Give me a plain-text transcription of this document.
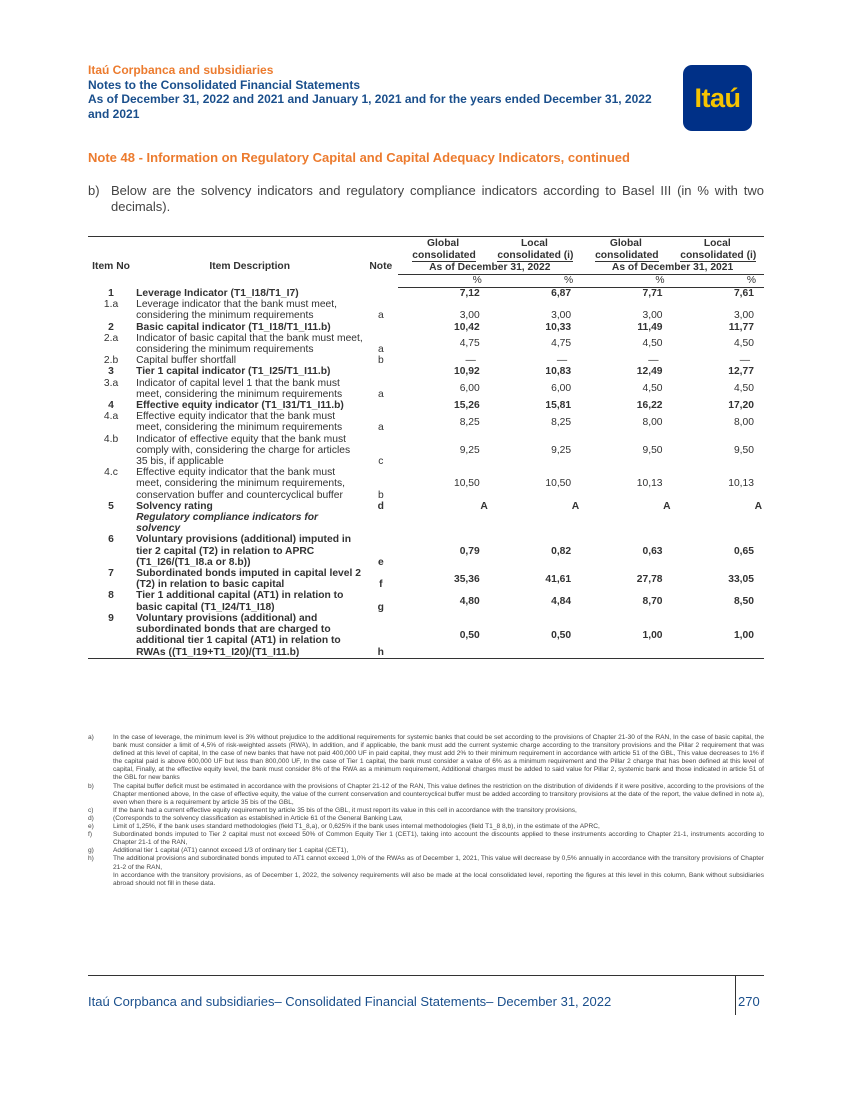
Itaú Corpbanca and subsidiaries
Notes to the Consolidated Financial Statements
As of December 31, 2022 and 2021 and January 1, 2021 and for the years ended December 31, 2022
and 2021
Itaú
Note 48 - Information on Regulatory Capital and Capital Adequacy Indicators, continued
b) Below are the solvency indicators and regulatory compliance indicators according to Basel III (in % with two decimals).
Item No	Item Description	Note	Global	Local	Global	Local
			consolidated	consolidated (i)	consolidated	consolidated (i)
			As of December 31, 2022		As of December 31, 2021	
			%	%	%	%
1	Leverage Indicator (T1_I18/T1_I7)		7,12	6,87	7,71	7,61
1.a	Leverage indicator that the bank must meet, considering the minimum requirements	a	3,00	3,00	3,00	3,00
2	Basic capital indicator (T1_I18/T1_I11.b)		10,42	10,33	11,49	11,77
2.a	Indicator of basic capital that the bank must meet, considering the minimum requirements	a	4,75	4,75	4,50	4,50
2.b	Capital buffer shortfall	b	—	—	—	—
3	Tier 1 capital indicator (T1_I25/T1_I11.b)		10,92	10,83	12,49	12,77
3.a	Indicator of capital level 1 that the bank must meet, considering the minimum requirements	a	6,00	6,00	4,50	4,50
4	Effective equity indicator (T1_I31/T1_I11.b)		15,26	15,81	16,22	17,20
4.a	Effective equity indicator that the bank must meet, considering the minimum requirements	a	8,25	8,25	8,00	8,00
4.b	Indicator of effective equity that the bank must comply with, considering the charge for articles 35 bis, if applicable	c	9,25	9,25	9,50	9,50
4.c	Effective equity indicator that the bank must meet, considering the minimum requirements, conservation buffer and countercyclical buffer	b	10,50	10,50	10,13	10,13
5	Solvency rating	d	A	A	A	A
	Regulatory compliance indicators for solvency					
6	Voluntary provisions (additional) imputed in tier 2 capital (T2) in relation to APRC (T1_I26/(T1_I8.a or 8.b))	e	0,79	0,82	0,63	0,65
7	Subordinated bonds imputed in capital level 2 (T2) in relation to basic capital	f	35,36	41,61	27,78	33,05
8	Tier 1 additional capital (AT1) in relation to basic capital (T1_I24/T1_I18)	g	4,80	4,84	8,70	8,50
9	Voluntary provisions (additional) and subordinated bonds that are charged to additional tier 1 capital (AT1) in relation to RWAs ((T1_I19+T1_I20)/(T1_I11.b)	h	0,50	0,50	1,00	1,00
a)	In the case of leverage, the minimum level is 3% without prejudice to the additional requirements for systemic banks that could be set according to the provisions of Chapter 21-30 of the RAN, In the case of basic capital, the bank must consider a limit of 4,5% of risk-weighted assets (RWA), In addition, and if applicable, the bank must add the current systemic charge according to the transitory provisions and the Pillar 2 requirement that was defined at this level of capital, In the case of new banks that have not paid 400,000 UF in paid capital, they must add 2% to their minimum requirement in accordance with article 51 of the GBL, This value decreases to 1% if the capital paid is above 600,000 UF but less than 800,000 UF, In the case of Tier 1 capital, the bank must consider a value of 6% as a minimum requirement and the Pillar 2 charge that has been defined at this level of capital, Finally, at the effective equity level, the bank must consider 8% of the RWA as a minimum requirement, Additional charges must be added to said value for Pillar 2, systemic bank and those indicated in article 51 of the GBL for new banks
b)	The capital buffer deficit must be estimated in accordance with the provisions of Chapter 21-12 of the RAN, This value defines the restriction on the distribution of dividends if it were positive, according to the provisions of the Chapter mentioned above, In the case of effective equity, the value of the current conservation and countercyclical buffer must be added according to transitory provisions at the date of the report, the value defined in note a), even when there is a requirement by article 35 bis of the GBL,
c)	If the bank had a current effective equity requirement by article 35 bis of the GBL, it must report its value in this cell in accordance with the transitory provisions,
d)	(Corresponds to the solvency classification as established in Article 61 of the General Banking Law,
e)	Limit of 1,25%, if the bank uses standard methodologies (field T1_8,a), or 0,625% if the bank uses internal methodologies (field T1_8 8,b), in the estimate of the APRC,
f)	Subordinated bonds imputed to Tier 2 capital must not exceed 50% of Common Equity Tier 1 (CET1), taking into account the discounts applied to these instruments according to Chapter 21-1, instruments according to Chapter 21-1 of the RAN,
g)	Additional tier 1 capital (AT1) cannot exceed 1/3 of ordinary tier 1 capital (CET1),
h)	The additional provisions and subordinated bonds imputed to AT1 cannot exceed 1,0% of the RWAs as of December 1, 2021, This value will decrease by 0,5% annually in accordance with the transitory provisions of Chapter 21-2 of the RAN,
In accordance with the transitory provisions, as of December 1, 2022, the solvency requirements will also be made at the local consolidated level, reporting the figures at this level in this column, Bank without subsidiaries abroad should not fill in these data.
Itaú Corpbanca and subsidiaries– Consolidated Financial Statements– December 31, 2022	270
